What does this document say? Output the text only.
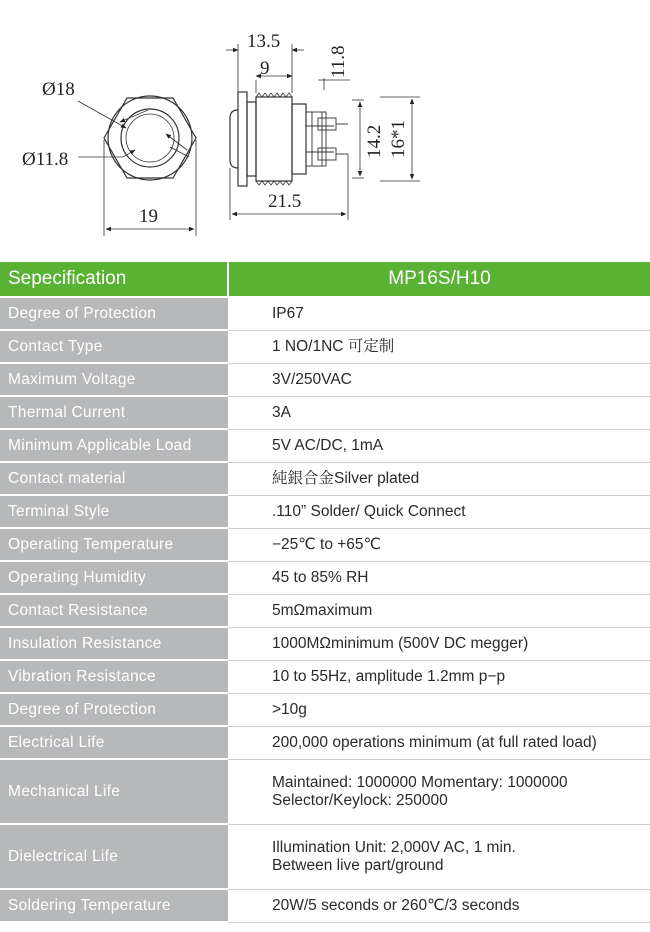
Ø18
Ø11.8
19
13.5
9
21.5
11.8
14.2 16*1
Sepecification	MP16S/H10
Degree of Protection	IP67

Contact Type	1 NO/1NC 可定制

Maximum Voltage	3V/250VAC

Thermal Current	3A

Minimum Applicable Load	5V AC/DC, 1mA

Contact material	純銀合金Silver plated

Terminal Style	.110” Solder/ Quick Connect

Operating Temperature	−25℃ to +65℃

Operating Humidity	45 to 85% RH

Contact Resistance	5mΩmaximum

Insulation Resistance	1000MΩminimum (500V DC megger)

Vibration Resistance	10 to 55Hz, amplitude 1.2mm p−p

Degree of Protection	>10g

Electrical Life	200,000 operations minimum (at full rated load)

Mechanical Life	Maintained: 1000000 Momentary: 1000000
Selector/Keylock: 250000

Dielectrical Life	Illumination Unit: 2,000V AC, 1 min.
Between live part/ground

Soldering Temperature	20W/5 seconds or 260℃/3 seconds
